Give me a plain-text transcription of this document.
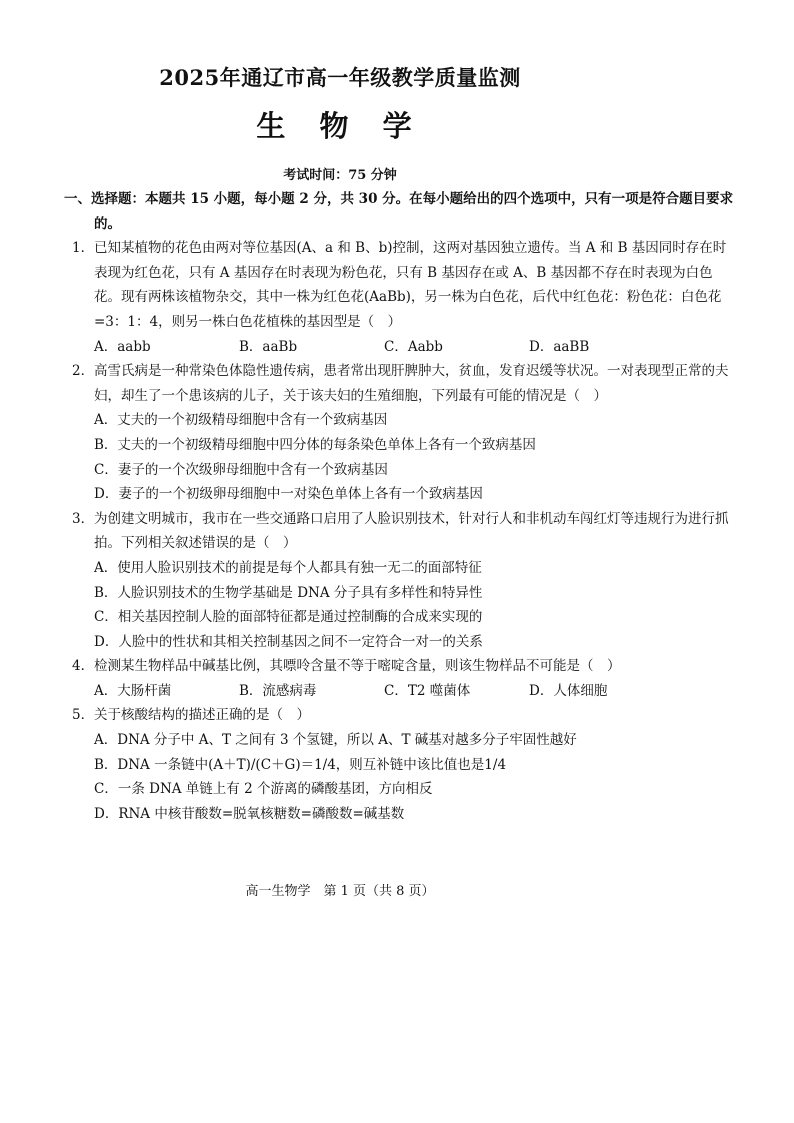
2025年通辽市高一年级教学质量监测
生 物 学
考试时间：75 分钟
一、选择题：本题共 15 小题，每小题 2 分，共 30 分。在每小题给出的四个选项中，只有一项是符合题目要求的。
1．已知某植物的花色由两对等位基因(A、a 和 B、b)控制，这两对基因独立遗传。当 A 和 B 基因同时存在时表现为红色花，只有 A 基因存在时表现为粉色花，只有 B 基因存在或 A、B 基因都不存在时表现为白色花。现有两株该植物杂交，其中一株为红色花(AaBb)，另一株为白色花，后代中红色花：粉色花：白色花=3：1：4，则另一株白色花植株的基因型是（　）
A．aabb	B．aaBb	C．Aabb	D．aaBB
2．高雪氏病是一种常染色体隐性遗传病，患者常出现肝脾肿大，贫血，发育迟缓等状况。一对表现型正常的夫妇，却生了一个患该病的儿子，关于该夫妇的生殖细胞，下列最有可能的情况是（　）
A．丈夫的一个初级精母细胞中含有一个致病基因
B．丈夫的一个初级精母细胞中四分体的每条染色单体上各有一个致病基因
C．妻子的一个次级卵母细胞中含有一个致病基因
D．妻子的一个初级卵母细胞中一对染色单体上各有一个致病基因
3．为创建文明城市，我市在一些交通路口启用了人脸识别技术，针对行人和非机动车闯红灯等违规行为进行抓拍。下列相关叙述错误的是（　）
A．使用人脸识别技术的前提是每个人都具有独一无二的面部特征
B．人脸识别技术的生物学基础是 DNA 分子具有多样性和特异性
C．相关基因控制人脸的面部特征都是通过控制酶的合成来实现的
D．人脸中的性状和其相关控制基因之间不一定符合一对一的关系
4．检测某生物样品中碱基比例，其嘌呤含量不等于嘧啶含量，则该生物样品不可能是（　）
A．大肠杆菌	B．流感病毒	C．T2 噬菌体	D．人体细胞
5．关于核酸结构的描述正确的是（　）
A．DNA 分子中 A、T 之间有 3 个氢键，所以 A、T 碱基对越多分子牢固性越好
B．DNA 一条链中(A＋T)/(C＋G)＝1/4，则互补链中该比值也是1/4
C．一条 DNA 单链上有 2 个游离的磷酸基团，方向相反
D．RNA 中核苷酸数=脱氧核糖数=磷酸数=碱基数
高一生物学　第 1 页（共 8 页）
